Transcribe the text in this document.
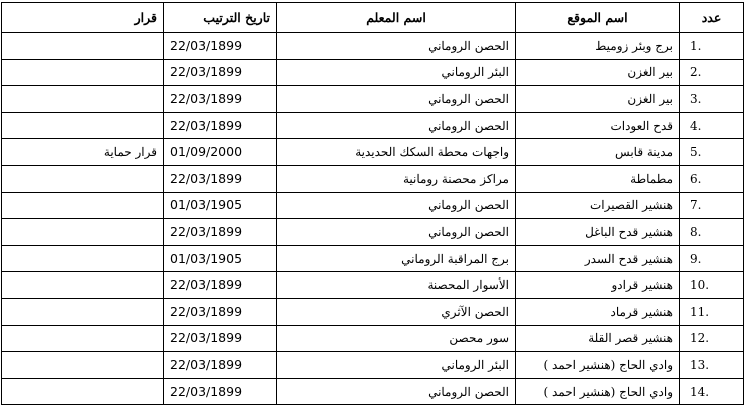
عدد	اسم الموقع	اسم المعلم	تاريخ الترتيب	قرار
.1	برج وبئر زوميط	الحصن الروماني	22/03/1899	
.2	بير الغزن	البئر الروماني	22/03/1899	
.3	بير الغزن	الحصن الروماني	22/03/1899	
.4	قدح العودات	الحصن الروماني	22/03/1899	
.5	مدينة قابس	واجهات محطة السكك الحديدية	01/09/2000	قرار حماية
.6	مطماطة	مراكز محصنة رومانية	22/03/1899	
.7	هنشير القصيرات	الحصن الروماني	01/03/1905	
.8	هنشير قدح الباغل	الحصن الروماني	22/03/1899	
.9	هنشير قدح السدر	برج المراقبة الروماني	01/03/1905	
.10	هنشير قرادو	الأسوار المحصنة	22/03/1899	
.11	هنشير قرماد	الحصن الآثري	22/03/1899	
.12	هنشير قصر القلة	سور محصن	22/03/1899	
.13	وادي الحاج (هنشير احمد )	البئر الروماني	22/03/1899	
.14	وادي الحاج (هنشير احمد )	الحصن الروماني	22/03/1899	
